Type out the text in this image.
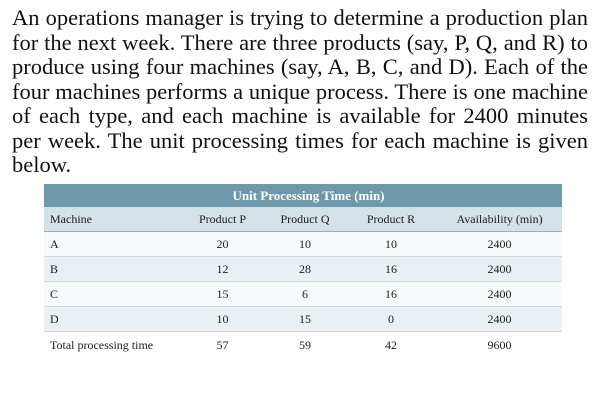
An operations manager is trying to determine a production plan for the next week. There are three products (say, P, Q, and R) to produce using four machines (say, A, B, C, and D). Each of the four machines performs a unique process. There is one machine of each type, and each machine is available for 2400 minutes per week. The unit processing times for each machine is given below.

	Unit Processing Time (min)			
Machine	Product P	Product Q	Product R	Availability (min)
A	20	10	10	2400
B	12	28	16	2400
C	15	6	16	2400
D	10	15	0	2400
Total processing time	57	59	42	9600
